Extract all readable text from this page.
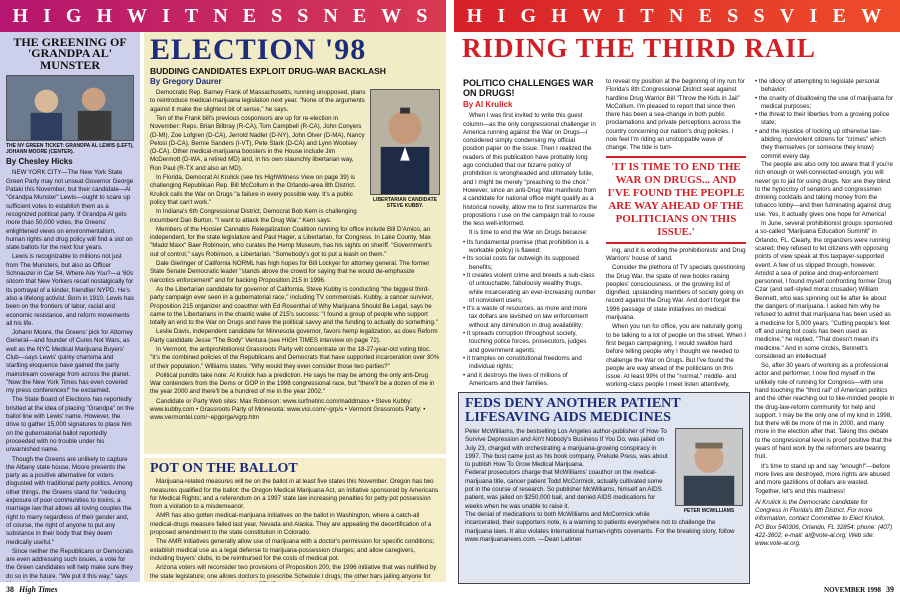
H I G H W I T N E S S N E W S H I G H W I T N E S S V I E W
THE GREENING OF 'GRANDPA AL' MUNSTER
THE NY GREEN TICKET: GRANDPA AL LEWIS (LEFT), JOHANN MOORE (CENTER).
By Chesley Hicks

NEW YORK CITY—The New York State Green Party may not unseat Governor George Pataki this November, but their candidate—Al "Grandpa Munster" Lewis—ought to scare up sufficient votes to establish them as a recognized political party. If Grandpa Al gets more than 50,000 votes, the Greens' enlightened views on environmentalism, human rights and drug policy will find a slot on state ballots for the next four years.

Lewis is recognizable to millions not just from The Munsters, but also as Officer Schnauzer in Car 54, Where Are You?—a '60s sitcom that New Yorkers recall nostalgically for its portrayal of a kinder, friendlier NYPD. He's also a lifelong activist. Born in 1910, Lewis has been on the frontiers of labor, racial and economic resistance, and reform movements all his life.

Johann Moore, the Greens' pick for Attorney General—and founder of Cures Not Wars, as well as the NYC Medical Marijuana Buyers' Club—says Lewis' quirky charisma and startling eloquence have gained the party mainstream coverage from across the planet. "Now the New York Times has even covered my press conferences!" he exclaimed.

The State Board of Elections has reportedly bristled at the idea of placing "Grandpa" on the ballot line with Lewis' name. However, the drive to gather 15,000 signatures to place him on the gubernatorial ballot reportedly proceeded with no trouble under his unvarnished name.

Though the Greens are unlikely to capture the Albany state house, Moore presents the party as a positive alternative for voters disgusted with traditional party politics. Among other things, the Greens stand for "reducing exposure of poor communities to toxins, a marriage law that allows all loving couples the right to marry regardless of their gender and, of course, the right of anyone to put any substance in their body that they deem medically useful."

Since neither the Republicans or Democrats are even addressing such issues, a vote for the Green candidates will help make sure they do so in the future. "We put it this way," says

ELECTION '98
BUDDING CANDIDATES EXPLOIT DRUG-WAR BACKLASH
By Gregory Daurer
LIBERTARIAN CANDIDATE STEVE KUBBY.

Democratic Rep. Barney Frank of Massachusetts, running unopposed, plans to reintroduce medical-marijuana legislation next year. "None of the arguments against it make the slightest bit of sense," he says.

Ten of the Frank bill's previous cosponsors are up for re-election in November: Reps. Brian Bilbray (R-CA), Tom Campbell (R-CA), John Conyers (D-MI), Zoe Lofgren (D-CA), Jerrold Nadler (D-NY), John Olver (D-MA), Nancy Pelosi (D-CA), Bernie Sanders (I-VT), Pete Stark (D-CA) and Lynn Woolsey (D-CA). Other medical-marijuana boosters in the House include Jim McDermott (D-WA, a retired MD) and, in his own staunchly libertarian way, Ron Paul (R-TX and also an MD).

In Florida, Democrat Al Krulick (see his HighWitness View on page 39) is challenging Republican Rep. Bill McCollum in the Orlando-area 8th District. Krulick calls the War on Drugs "a failure in every possible way. It's a public policy that can't work."

In Indiana's 6th Congressional District, Democrat Bob Kern is challenging incumbent Dan Burton. "I want to attack the Drug War," Kern says.

Members of the Hoosier Cannabis Relegalization Coalition running for office include Bill D'Amico, an independent, for the state legislature and Paul Hager, a Libertarian, for Congress. In Lake County, Max "Madd Maxx" Baer Robinson, who curates the Hemp Museum, has his sights on sheriff. "Government's out of control," says Robinson, a Libertarian. "Somebody's got to put a leash on them."

Dale Gieringer of California NORML has high hopes for Bill Lockyer for attorney general. The former State Senate Democratic leader "stands above the crowd for saying that he would de-emphasize narcotics enforcement" and for backing Proposition 215 in 1996.

As the Libertarian candidate for governor of California, Steve Kubby is conducting "the biggest third-party campaign ever seen in a gubernatorial race," including TV commercials. Kubby, a cancer survivor, Proposition 215 organizer and coauthor with Ed Rosenthal of Why Marijuana Should Be Legal, says he came to the Libertarians in the chaotic wake of 215's success: "I found a group of people who support totally an end to the War on Drugs and have the political savvy and the funding to actually do something."

Leslie Davis, independent candidate for Minnesota governor, favors hemp legalization, as does Reform Party candidate Jesse "The Body" Ventura (see HIGH TIMES interview on page 72).

In Vermont, the antiprohibitionist Grassroots Party will concentrate on the 18-27-year-old voting bloc. "It's the combined policies of the Republicans and Democrats that have supported incarceration over 30% of their population," Williams states. "Why would they even consider those two parties?"

Political pundits take note: Al Krulick has a prediction. He says he may be among the only anti-Drug War contenders from the Dems or GOP in the 1998 congressional race, but "there'll be a dozen of me in the year 2000 and there'll be a hundred of me in the year 2002."

Candidate or Party Web sites: Max Robinson: www.surfnetinc.com/maddmaxx • Steve Kubby: www.kubby.com • Grassroots Party of Minnesota: www.visi.com/~grp/s • Vermont Grassroots Party: • www.vermontel.com/~epgorge/vgrp.htm

POT ON THE BALLOT

Marijuana-related measures will be on the ballot in at least five states this November. Oregon has two measures qualified for the ballot: the Oregon Medical Marijuana Act, an initiative sponsored by Americans for Medical Rights; and a referendum on a 1997 state law increasing penalties for petty pot possession from a violation to a misdemeanor.

AMR has also gotten medical-marijuana initiatives on the ballot in Washington, where a catch-all medical-drugs measure failed last year, Nevada and Alaska. They are appealing the decertification of a proposed amendment to the state constitution in Colorado.

The AMR initiatives generally allow use of marijuana with a doctor's permission for specific conditions; establish medical use as a legal defense to marijuana-possession charges; and allow caregivers, including buyers' clubs, to be reimbursed for the costs of medical pot.

Arizona voters will reconsider two provisions of Proposition 200, the 1996 initiative that was nullified by the state legislature; one allows doctors to prescribe Schedule I drugs; the other bars jailing anyone for

RIDING THE THIRD RAIL
POLITICO CHALLENGES WAR ON DRUGS!
By Al Krulick

When I was first invited to write this guest column—as the only congressional challenger in America running against the War on Drugs—I considered simply condensing my official position paper on the issue. Then I realized the readers of this publication have probably long ago concluded that our bizarre policy of prohibition is wrongheaded and ultimately futile, and I might be merely "preaching to the choir." However, since an anti-Drug War manifesto from a candidate for national office might qualify as a historical novelty, allow me to first summarize the propositions I use on the campaign trail to rouse the less well-informed.

It is time to end the War on Drugs because:

• Its fundamental premise (that prohibition is a workable policy) is flawed;
• Its social costs far outweigh its supposed benefits;
• It creates violent crime and breeds a sub-class of untouchable, fabulously wealthy thugs, while incarcerating an ever-increasing number of nonviolent users;
• It's a waste of resources, as more and more tax dollars are lavished on law enforcement without any diminution in drug availability;
• It spreads corruption throughout society, touching police forces, prosecutors, judges and government agents;
• It tramples on constitutional freedoms and individual rights;
• and it destroys the lives of millions of Americans and their families.

to reveal my position at the beginning of my run for Florida's 8th Congressional District seat against hardline Drug Warrior Bill "Throw the Kids in Jail" McCollum. I'm pleased to report that since then there has been a sea-change in both public proclamations and private perceptions across the country concerning our nation's drug policies. I now feel I'm riding an unstoppable wave of change. The tide is turn-
'IT IS TIME TO END THE WAR ON DRUGS... AND I'VE FOUND THE PEOPLE ARE WAY AHEAD OF THE POLITICIANS ON THIS ISSUE.'

ing, and it is eroding the prohibitionists' and Drug Warriors' house of sand.

Consider the plethora of TV specials questioning the Drug War, the spate of new books raising peoples' consciousness, or the growing list of dignified, upstanding members of society going on record against the Drug War. And don't forget the 1996 passage of state initiatives on medical marijuana.

When you run for office, you are naturally going to be talking to a lot of people on the street. When I first began campaigning, I would swallow hard before telling people why I thought we needed to challenge the War on Drugs. But I've found the people are way ahead of the politicians on this issue. At least 99% of the "normal," middle- and working-class people I meet listen attentively,

• the idiocy of attempting to legislate personal behavior;
• the cruelty of disallowing the use of marijuana for medical purposes;
• the threat to their liberties from a growing police state;
• and the injustice of locking up otherwise law-abiding, nonviolent citizens for "crimes" which they themselves (or someone they know) commit every day.

The people are also only too aware that if you're rich enough or well-connected enough, you will never go to jail for using drugs. Nor are they blind to the hypocrisy of senators and congressmen drinking cocktails and taking money from the tobacco lobby—and then fulminating against drug use. Yes, it actually gives one hope for America!

In June, several prohibitionist groups sponsored a so-called "Marijuana Education Summit" in Orlando, FL. Clearly, the organizers were running scared; they refused to let citizens with opposing points of view speak at this taxpayer-supported event. A few of us slipped through, however. Amidst a sea of police and drug-enforcement personnel, I found myself confronting former Drug Czar (and self-styled moral crusader) William Bennett, who was spinning out lie after lie about the dangers of marijuana. I asked him why he refused to admit that marijuana has been used as a medicine for 5,000 years. "Cutting people's feet off and using hot coals has been used as medicine," he replied. "That doesn't mean it's medicine." And in some circles, Bennett's considered an intellectual!

So, after 30 years of working as a professional actor and performer, I now find myself in the unlikely role of running for Congress—with one hand touching the "third rail" of American politics and the other reaching out to like-minded people in the drug-law-reform community for help and support. I may be the only one of my kind in 1998, but there will be more of me in 2000, and many more in the election after that. Taking this debate to the congressional level is proof positive that the years of hard work by the reformers are bearing fruit.

It's time to stand up and say "enough!"—before more lives are destroyed, more rights are abused and more gazillions of dollars are wasted. Together, let's end this madness!

Al Krulick is the Democratic candidate for Congress in Florida's 8th District. For more information, contact Committee to Elect Krulick, PO Box 540306, Orlando, FL 32854; phone: (407) 422-3602; e-mail: al@vote-al.org; Web site: www.vote-al.org.
FEDS DENY ANOTHER PATIENT LIFESAVING AIDS MEDICINES
PETER MCWILLIAMS

Peter McWilliams, the bestselling Los Angeles author-publisher of How To Survive Depression and Ain't Nobody's Business If You Do, was jailed on July 23, charged with orchestrating a marijuana-growing conspiracy in 1997. The bust came just as his book company, Prelude Press, was about to publish How To Grow Medical Marijuana.

Federal prosecutors charge that McWilliams' coauthor on the medical-marijuana title, cancer patient Todd McCormick, actually cultivated some pot in the course of research. So publisher McWilliams, himself an AIDS patient, was jailed on $250,000 bail, and denied AIDS medications for weeks when he was unable to raise it.

The denial of medications to both McWilliams and McCormick while incarcerated, their supporters note, is a warning to patients everywhere not to challenge the marijuana laws. It also violates international human-rights covenants. For the breaking story, follow www.marijuananews.com. —Dean Latimer

38 High Times	NOVEMBER 1998 39
